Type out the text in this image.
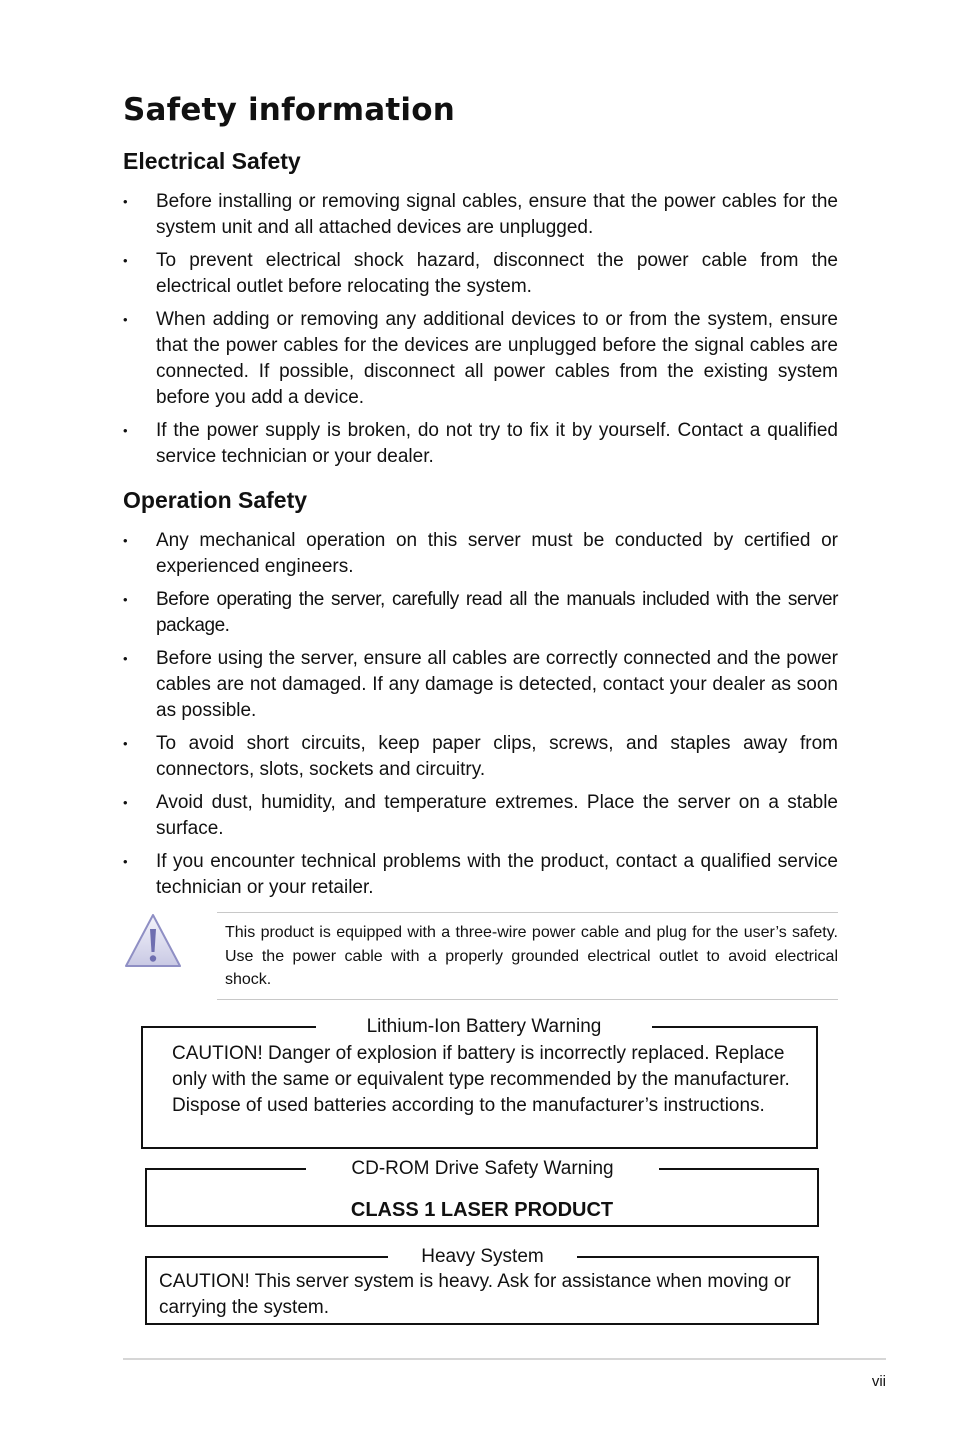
Safety information
Electrical Safety
• Before installing or removing signal cables, ensure that the power cables for the system unit and all attached devices are unplugged.
• To prevent electrical shock hazard, disconnect the power cable from the electrical outlet before relocating the system.
• When adding or removing any additional devices to or from the system, ensure that the power cables for the devices are unplugged before the signal cables are connected. If possible, disconnect all power cables from the existing system before you add a device.
• If the power supply is broken, do not try to fix it by yourself. Contact a qualified service technician or your dealer.
Operation Safety
• Any mechanical operation on this server must be conducted by certified or experienced engineers.
• Before operating the server, carefully read all the manuals included with the server package.
• Before using the server, ensure all cables are correctly connected and the power cables are not damaged. If any damage is detected, contact your dealer as soon as possible.
• To avoid short circuits, keep paper clips, screws, and staples away from connectors, slots, sockets and circuitry.
• Avoid dust, humidity, and temperature extremes. Place the server on a stable surface.
• If you encounter technical problems with the product, contact a qualified service technician or your retailer.

This product is equipped with a three-wire power cable and plug for the user’s safety. Use the power cable with a properly grounded electrical outlet to avoid electrical shock.

Lithium-Ion Battery Warning

CAUTION! Danger of explosion if battery is incorrectly replaced. Replace only with the same or equivalent type recommended by the manufacturer. Dispose of used batteries according to the manufacturer’s instructions.

CD-ROM Drive Safety Warning

CLASS 1 LASER PRODUCT

Heavy System

CAUTION! This server system is heavy. Ask for assistance when moving or carrying the system.

vii
